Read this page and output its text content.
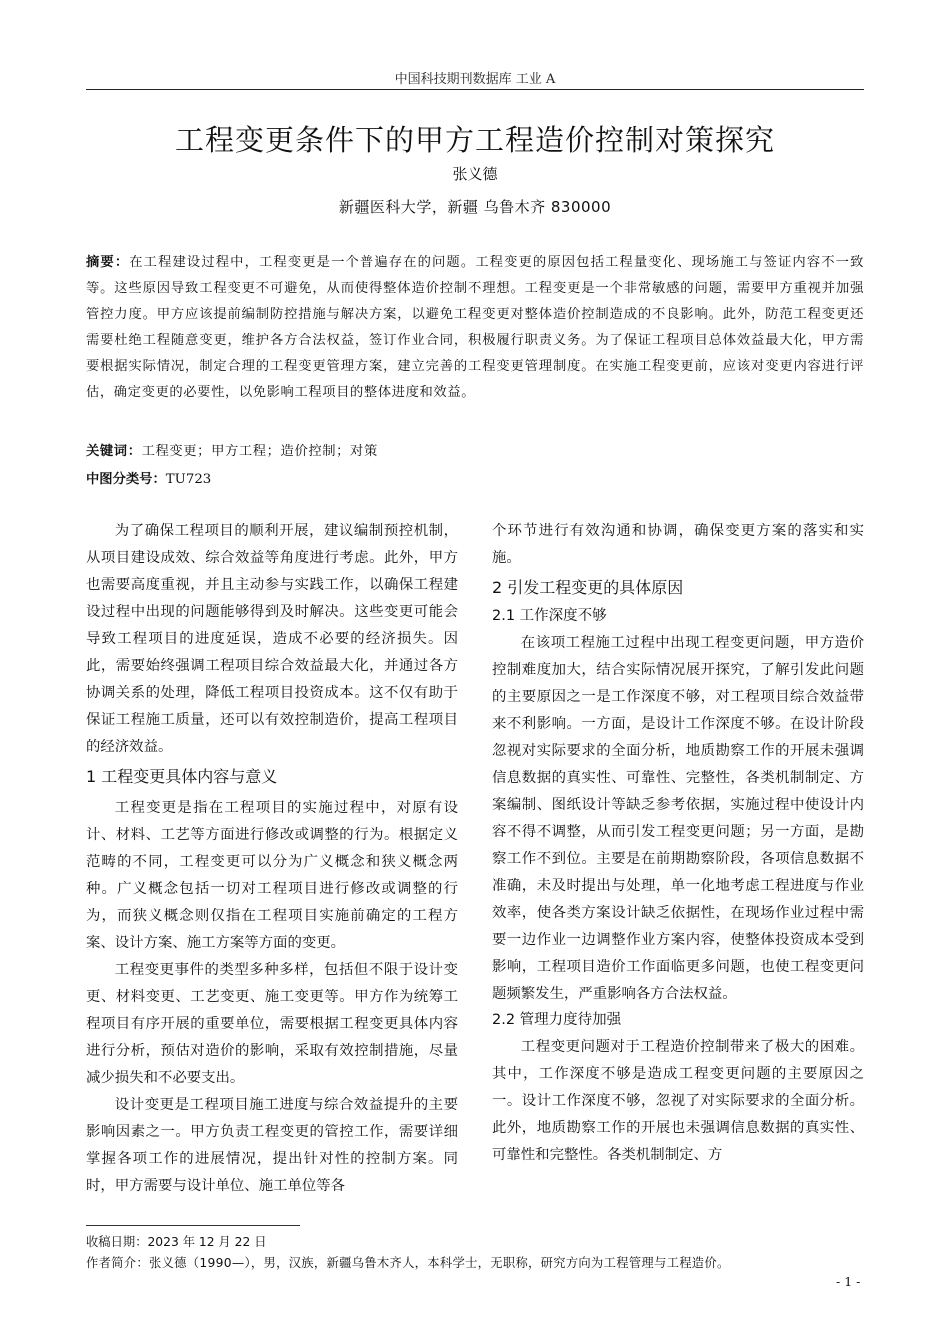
中国科技期刊数据库 工业 A
工程变更条件下的甲方工程造价控制对策探究
张义德
新疆医科大学，新疆 乌鲁木齐 830000
摘要：在工程建设过程中，工程变更是一个普遍存在的问题。工程变更的原因包括工程量变化、现场施工与签证内容不一致等。这些原因导致工程变更不可避免，从而使得整体造价控制不理想。工程变更是一个非常敏感的问题，需要甲方重视并加强管控力度。甲方应该提前编制防控措施与解决方案，以避免工程变更对整体造价控制造成的不良影响。此外，防范工程变更还需要杜绝工程随意变更，维护各方合法权益，签订作业合同，积极履行职责义务。为了保证工程项目总体效益最大化，甲方需要根据实际情况，制定合理的工程变更管理方案，建立完善的工程变更管理制度。在实施工程变更前，应该对变更内容进行评估，确定变更的必要性，以免影响工程项目的整体进度和效益。
关键词：工程变更；甲方工程；造价控制；对策
中图分类号：TU723

为了确保工程项目的顺利开展，建议编制预控机制，从项目建设成效、综合效益等角度进行考虑。此外，甲方也需要高度重视，并且主动参与实践工作，以确保工程建设过程中出现的问题能够得到及时解决。这些变更可能会导致工程项目的进度延误，造成不必要的经济损失。因此，需要始终强调工程项目综合效益最大化，并通过各方协调关系的处理，降低工程项目投资成本。这不仅有助于保证工程施工质量，还可以有效控制造价，提高工程项目的经济效益。

1 工程变更具体内容与意义

工程变更是指在工程项目的实施过程中，对原有设计、材料、工艺等方面进行修改或调整的行为。根据定义范畴的不同，工程变更可以分为广义概念和狭义概念两种。广义概念包括一切对工程项目进行修改或调整的行为，而狭义概念则仅指在工程项目实施前确定的工程方案、设计方案、施工方案等方面的变更。

工程变更事件的类型多种多样，包括但不限于设计变更、材料变更、工艺变更、施工变更等。甲方作为统筹工程项目有序开展的重要单位，需要根据工程变更具体内容进行分析，预估对造价的影响，采取有效控制措施，尽量减少损失和不必要支出。

设计变更是工程项目施工进度与综合效益提升的主要影响因素之一。甲方负责工程变更的管控工作，需要详细掌握各项工作的进展情况，提出针对性的控制方案。同时，甲方需要与设计单位、施工单位等各

个环节进行有效沟通和协调，确保变更方案的落实和实施。

2 引发工程变更的具体原因
2.1 工作深度不够

在该项工程施工过程中出现工程变更问题，甲方造价控制难度加大，结合实际情况展开探究，了解引发此问题的主要原因之一是工作深度不够，对工程项目综合效益带来不利影响。一方面，是设计工作深度不够。在设计阶段忽视对实际要求的全面分析，地质勘察工作的开展未强调信息数据的真实性、可靠性、完整性，各类机制制定、方案编制、图纸设计等缺乏参考依据，实施过程中使设计内容不得不调整，从而引发工程变更问题；另一方面，是勘察工作不到位。主要是在前期勘察阶段，各项信息数据不准确，未及时提出与处理，单一化地考虑工程进度与作业效率，使各类方案设计缺乏依据性，在现场作业过程中需要一边作业一边调整作业方案内容，使整体投资成本受到影响，工程项目造价工作面临更多问题，也使工程变更问题频繁发生，严重影响各方合法权益。

2.2 管理力度待加强

工程变更问题对于工程造价控制带来了极大的困难。其中，工作深度不够是造成工程变更问题的主要原因之一。设计工作深度不够，忽视了对实际要求的全面分析。此外，地质勘察工作的开展也未强调信息数据的真实性、可靠性和完整性。各类机制制定、方

收稿日期：2023 年 12 月 22 日
作者简介：张义德（1990—），男，汉族，新疆乌鲁木齐人，本科学士，无职称，研究方向为工程管理与工程造价。
- 1 -
